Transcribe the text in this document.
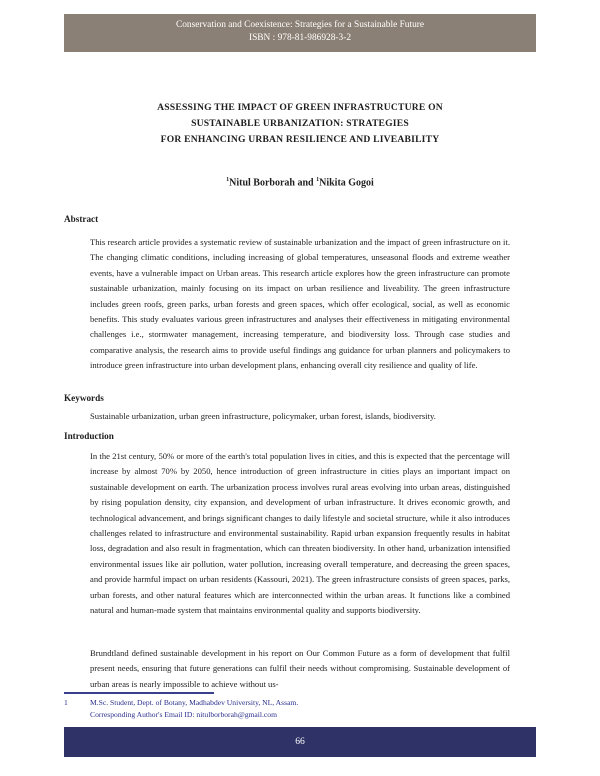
Conservation and Coexistence: Strategies for a Sustainable Future
ISBN : 978-81-986928-3-2
ASSESSING THE IMPACT OF GREEN INFRASTRUCTURE ON
SUSTAINABLE URBANIZATION: STRATEGIES
FOR ENHANCING URBAN RESILIENCE AND LIVEABILITY
$^1$Nitul Borborah and $^1$Nikita Gogoi
Abstract
This research article provides a systematic review of sustainable urbanization and the impact of green infrastructure on it. The changing climatic conditions, including increasing of global temperatures, unseasonal floods and extreme weather events, have a vulnerable impact on Urban areas. This research article explores how the green infrastructure can promote sustainable urbanization, mainly focusing on its impact on urban resilience and liveability. The green infrastructure includes green roofs, green parks, urban forests and green spaces, which offer ecological, social, as well as economic benefits. This study evaluates various green infrastructures and analyses their effectiveness in mitigating environmental challenges i.e., stormwater management, increasing temperature, and biodiversity loss. Through case studies and comparative analysis, the research aims to provide useful findings ang guidance for urban planners and policymakers to introduce green infrastructure into urban development plans, enhancing overall city resilience and quality of life.
Keywords
Sustainable urbanization, urban green infrastructure, policymaker, urban forest, islands, biodiversity.
Introduction
In the 21st century, 50% or more of the earth's total population lives in cities, and this is expected that the percentage will increase by almost 70% by 2050, hence introduction of green infrastructure in cities plays an important impact on sustainable development on earth. The urbanization process involves rural areas evolving into urban areas, distinguished by rising population density, city expansion, and development of urban infrastructure. It drives economic growth, and technological advancement, and brings significant changes to daily lifestyle and societal structure, while it also introduces challenges related to infrastructure and environmental sustainability. Rapid urban expansion frequently results in habitat loss, degradation and also result in fragmentation, which can threaten biodiversity. In other hand, urbanization intensified environmental issues like air pollution, water pollution, increasing overall temperature, and decreasing the green spaces, and provide harmful impact on urban residents (Kassouri, 2021). The green infrastructure consists of green spaces, parks, urban forests, and other natural features which are interconnected within the urban areas. It functions like a combined natural and human-made system that maintains environmental quality and supports biodiversity.
Brundtland defined sustainable development in his report on Our Common Future as a form of development that fulfil present needs, ensuring that future generations can fulfil their needs without compromising. Sustainable development of urban areas is nearly impossible to achieve without us-
1	M.Sc. Student, Dept. of Botany, Madhabdev University, NL, Assam.
Corresponding Author's Email ID: nitulborborah@gmail.com
66
